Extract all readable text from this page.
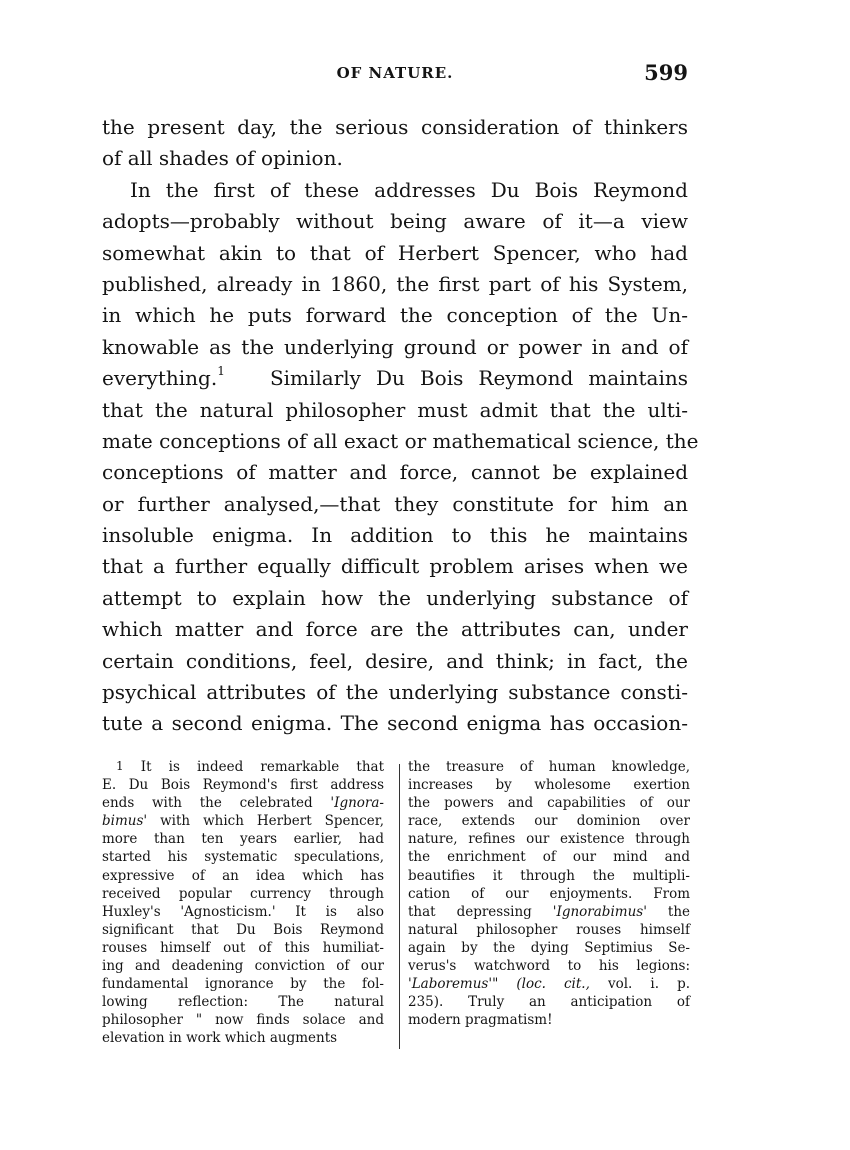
OF NATURE.	599
the present day, the serious consideration of thinkers
of all shades of opinion.
In the first of these addresses Du Bois Reymond
adopts—probably without being aware of it—a view
somewhat akin to that of Herbert Spencer, who had
published, already in 1860, the first part of his System,
in which he puts forward the conception of the Un-
knowable as the underlying ground or power in and of
everything.$^1$ Similarly Du Bois Reymond maintains
that the natural philosopher must admit that the ulti-
mate conceptions of all exact or mathematical science, the
conceptions of matter and force, cannot be explained
or further analysed,—that they constitute for him an
insoluble enigma. In addition to this he maintains
that a further equally difficult problem arises when we
attempt to explain how the underlying substance of
which matter and force are the attributes can, under
certain conditions, feel, desire, and think; in fact, the
psychical attributes of the underlying substance consti-
tute a second enigma. The second enigma has occasion-
$^1$ It is indeed remarkable that
E. Du Bois Reymond's first address
ends with the celebrated 'Ignora-
bimus' with which Herbert Spencer,
more than ten years earlier, had
started his systematic speculations,
expressive of an idea which has
received popular currency through
Huxley's 'Agnosticism.' It is also
significant that Du Bois Reymond
rouses himself out of this humiliat-
ing and deadening conviction of our
fundamental ignorance by the fol-
lowing reflection: The natural
philosopher " now finds solace and
elevation in work which augments
the treasure of human knowledge,
increases by wholesome exertion
the powers and capabilities of our
race, extends our dominion over
nature, refines our existence through
the enrichment of our mind and
beautifies it through the multipli-
cation of our enjoyments. From
that depressing 'Ignorabimus' the
natural philosopher rouses himself
again by the dying Septimius Se-
verus's watchword to his legions:
'Laboremus'" (loc. cit., vol. i. p.
235). Truly an anticipation of
modern pragmatism!
